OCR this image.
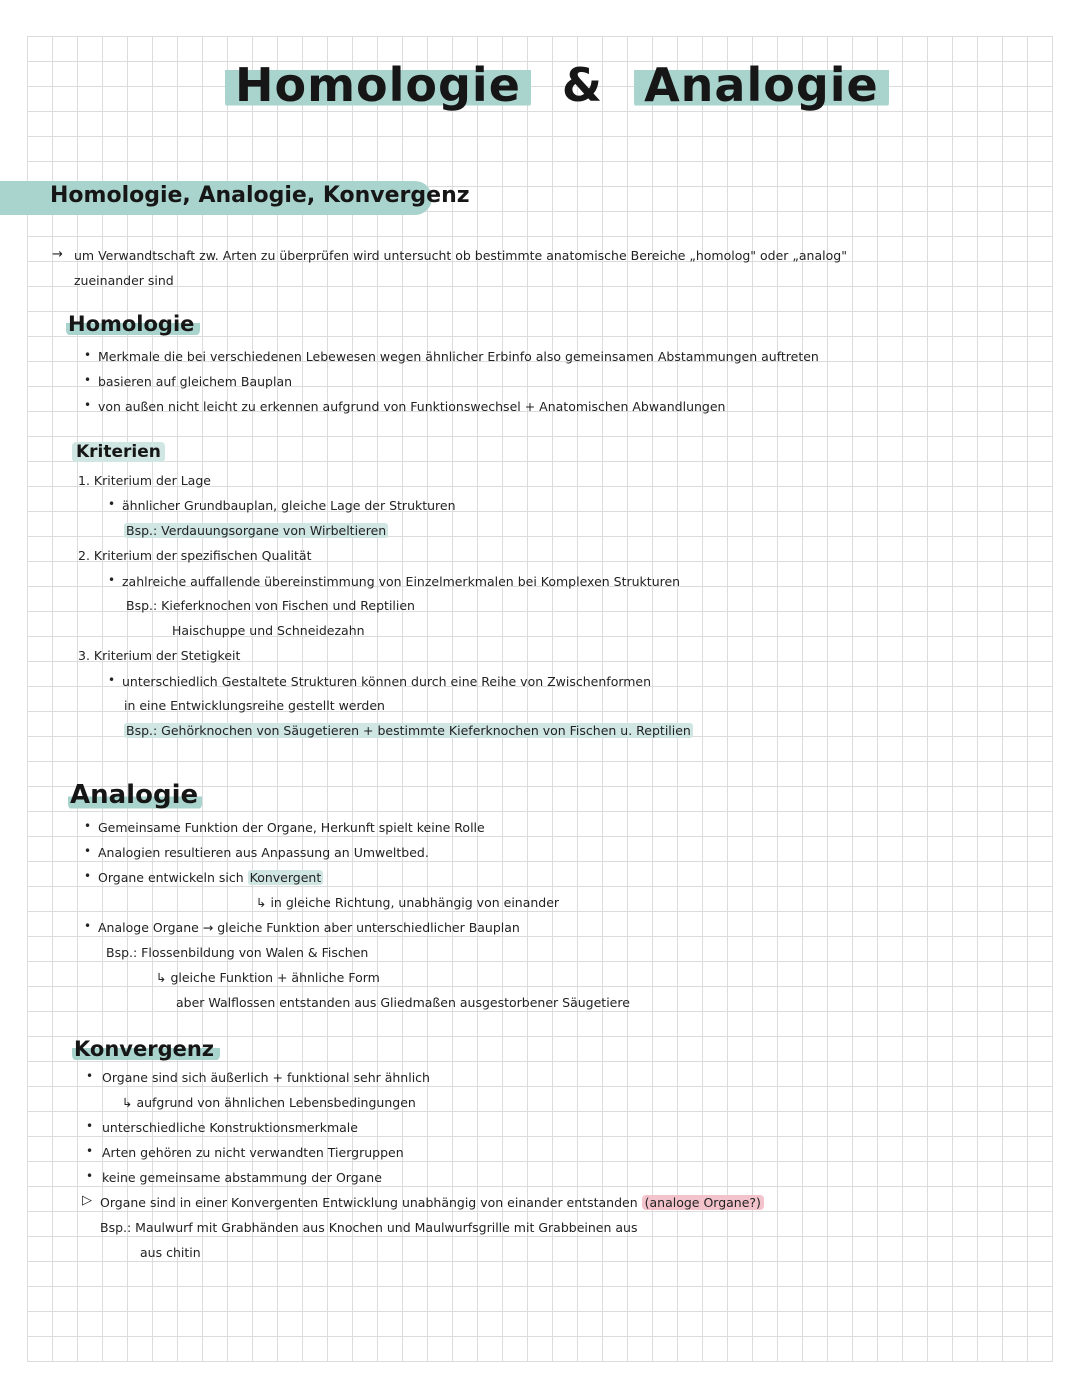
Homologie & Analogie
Homologie, Analogie, Konvergenz
→ um Verwandtschaft zw. Arten zu überprüfen wird untersucht ob bestimmte anatomische Bereiche „homolog" oder „analog"
zueinander sind
Homologie
• Merkmale die bei verschiedenen Lebewesen wegen ähnlicher Erbinfo also gemeinsamen Abstammungen auftreten
• basieren auf gleichem Bauplan
• von außen nicht leicht zu erkennen aufgrund von Funktionswechsel + Anatomischen Abwandlungen
Kriterien
1. Kriterium der Lage
• ähnlicher Grundbauplan, gleiche Lage der Strukturen
Bsp.: Verdauungsorgane von Wirbeltieren
2. Kriterium der spezifischen Qualität
• zahlreiche auffallende übereinstimmung von Einzelmerkmalen bei Komplexen Strukturen
Bsp.: Kieferknochen von Fischen und Reptilien
Haischuppe und Schneidezahn
3. Kriterium der Stetigkeit
• unterschiedlich Gestaltete Strukturen können durch eine Reihe von Zwischenformen
in eine Entwicklungsreihe gestellt werden
Bsp.: Gehörknochen von Säugetieren + bestimmte Kieferknochen von Fischen u. Reptilien
Analogie
• Gemeinsame Funktion der Organe, Herkunft spielt keine Rolle
• Analogien resultieren aus Anpassung an Umweltbed.
• Organe entwickeln sich Konvergent
↳ in gleiche Richtung, unabhängig von einander
• Analoge Organe → gleiche Funktion aber unterschiedlicher Bauplan
Bsp.: Flossenbildung von Walen & Fischen
↳ gleiche Funktion + ähnliche Form
aber Walflossen entstanden aus Gliedmaßen ausgestorbener Säugetiere
Konvergenz
• Organe sind sich äußerlich + funktional sehr ähnlich
↳ aufgrund von ähnlichen Lebensbedingungen
• unterschiedliche Konstruktionsmerkmale
• Arten gehören zu nicht verwandten Tiergruppen
• keine gemeinsame abstammung der Organe
▷ Organe sind in einer Konvergenten Entwicklung unabhängig von einander entstanden (analoge Organe?)
Bsp.: Maulwurf mit Grabhänden aus Knochen und Maulwurfsgrille mit Grabbeinen aus
aus chitin
